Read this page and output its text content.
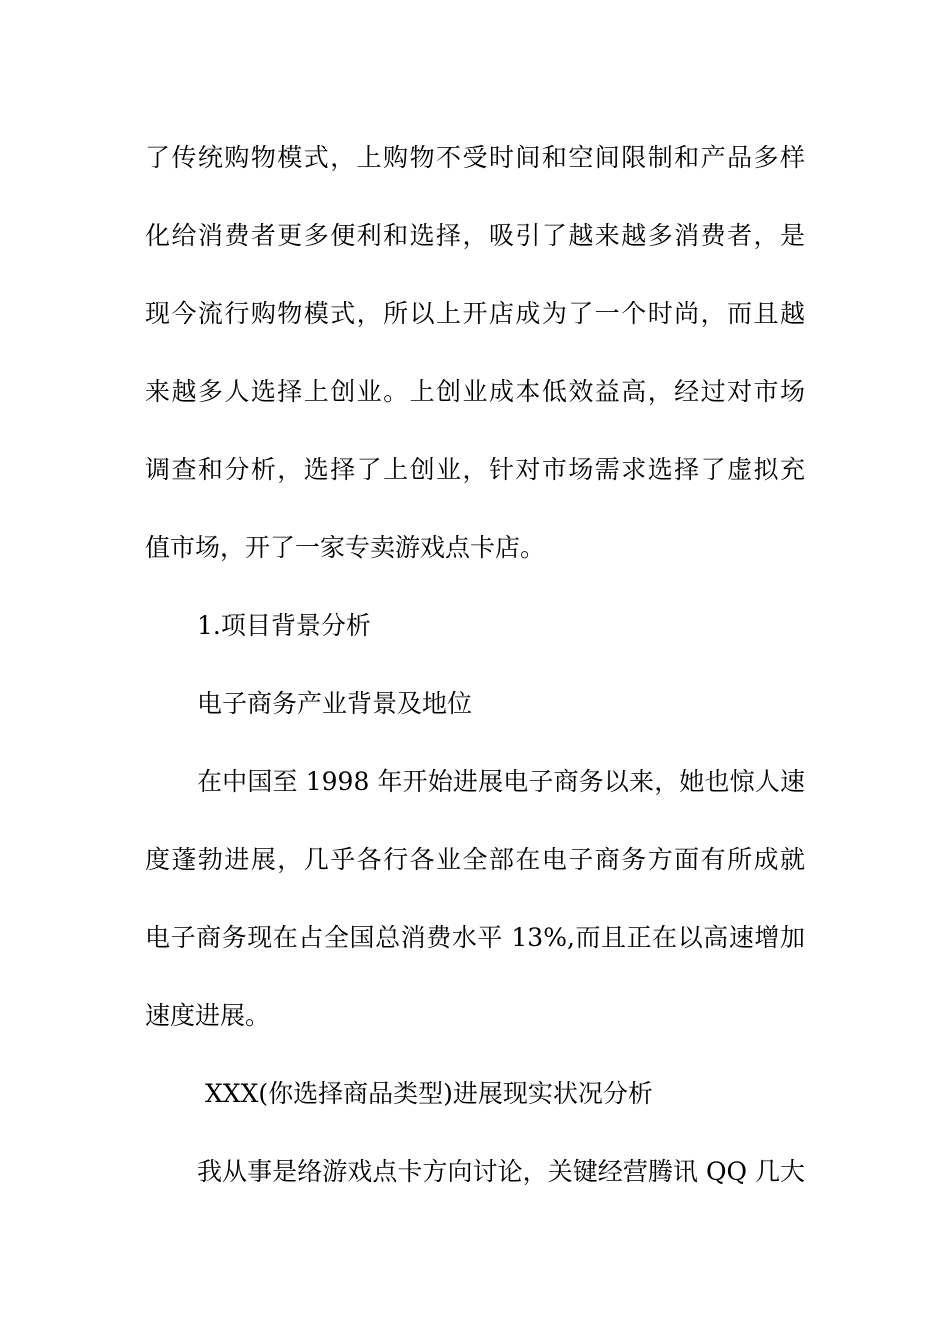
了传统购物模式，上购物不受时间和空间限制和产品多样

化给消费者更多便利和选择，吸引了越来越多消费者，是

现今流行购物模式，所以上开店成为了一个时尚，而且越

来越多人选择上创业。上创业成本低效益高，经过对市场

调查和分析，选择了上创业，针对市场需求选择了虚拟充

值市场，开了一家专卖游戏点卡店。

1.项目背景分析

电子商务产业背景及地位

在中国至 1998 年开始进展电子商务以来，她也惊人速

度蓬勃进展，几乎各行各业全部在电子商务方面有所成就

电子商务现在占全国总消费水平 13%,而且正在以高速增加

速度进展。

XXX(你选择商品类型)进展现实状况分析

我从事是络游戏点卡方向讨论，关键经营腾讯 QQ 几大
